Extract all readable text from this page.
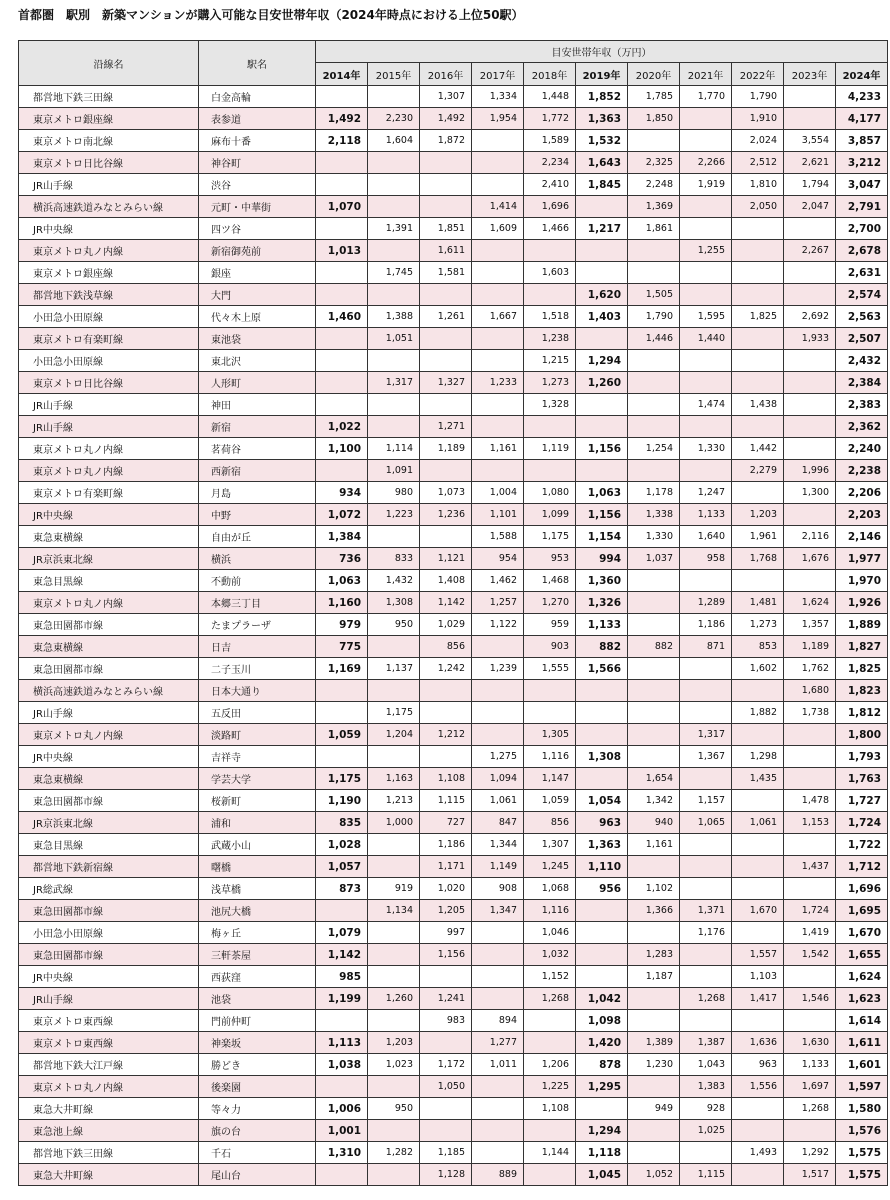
首都圏　駅別　新築マンションが購入可能な目安世帯年収（2024年時点における上位50駅）
沿線名	駅名	目安世帯年収（万円）										
		2014年	2015年	2016年	2017年	2018年	2019年	2020年	2021年	2022年	2023年	2024年
都営地下鉄三田線	白金高輪			1,307	1,334	1,448	1,852	1,785	1,770	1,790		4,233
東京メトロ銀座線	表参道	1,492	2,230	1,492	1,954	1,772	1,363	1,850		1,910		4,177
東京メトロ南北線	麻布十番	2,118	1,604	1,872		1,589	1,532			2,024	3,554	3,857
東京メトロ日比谷線	神谷町					2,234	1,643	2,325	2,266	2,512	2,621	3,212
JR山手線	渋谷					2,410	1,845	2,248	1,919	1,810	1,794	3,047
横浜高速鉄道みなとみらい線	元町・中華街	1,070			1,414	1,696		1,369		2,050	2,047	2,791
JR中央線	四ツ谷		1,391	1,851	1,609	1,466	1,217	1,861				2,700
東京メトロ丸ノ内線	新宿御苑前	1,013		1,611					1,255		2,267	2,678
東京メトロ銀座線	銀座		1,745	1,581		1,603						2,631
都営地下鉄浅草線	大門						1,620	1,505				2,574
小田急小田原線	代々木上原	1,460	1,388	1,261	1,667	1,518	1,403	1,790	1,595	1,825	2,692	2,563
東京メトロ有楽町線	東池袋		1,051			1,238		1,446	1,440		1,933	2,507
小田急小田原線	東北沢					1,215	1,294					2,432
東京メトロ日比谷線	人形町		1,317	1,327	1,233	1,273	1,260					2,384
JR山手線	神田					1,328			1,474	1,438		2,383
JR山手線	新宿	1,022		1,271								2,362
東京メトロ丸ノ内線	茗荷谷	1,100	1,114	1,189	1,161	1,119	1,156	1,254	1,330	1,442		2,240
東京メトロ丸ノ内線	西新宿		1,091							2,279	1,996	2,238
東京メトロ有楽町線	月島	934	980	1,073	1,004	1,080	1,063	1,178	1,247		1,300	2,206
JR中央線	中野	1,072	1,223	1,236	1,101	1,099	1,156	1,338	1,133	1,203		2,203
東急東横線	自由が丘	1,384			1,588	1,175	1,154	1,330	1,640	1,961	2,116	2,146
JR京浜東北線	横浜	736	833	1,121	954	953	994	1,037	958	1,768	1,676	1,977
東急目黒線	不動前	1,063	1,432	1,408	1,462	1,468	1,360					1,970
東京メトロ丸ノ内線	本郷三丁目	1,160	1,308	1,142	1,257	1,270	1,326		1,289	1,481	1,624	1,926
東急田園都市線	たまプラーザ	979	950	1,029	1,122	959	1,133		1,186	1,273	1,357	1,889
東急東横線	日吉	775		856		903	882	882	871	853	1,189	1,827
東急田園都市線	二子玉川	1,169	1,137	1,242	1,239	1,555	1,566			1,602	1,762	1,825
横浜高速鉄道みなとみらい線	日本大通り										1,680	1,823
JR山手線	五反田		1,175							1,882	1,738	1,812
東京メトロ丸ノ内線	淡路町	1,059	1,204	1,212		1,305			1,317			1,800
JR中央線	吉祥寺				1,275	1,116	1,308		1,367	1,298		1,793
東急東横線	学芸大学	1,175	1,163	1,108	1,094	1,147		1,654		1,435		1,763
東急田園都市線	桜新町	1,190	1,213	1,115	1,061	1,059	1,054	1,342	1,157		1,478	1,727
JR京浜東北線	浦和	835	1,000	727	847	856	963	940	1,065	1,061	1,153	1,724
東急目黒線	武蔵小山	1,028		1,186	1,344	1,307	1,363	1,161				1,722
都営地下鉄新宿線	曙橋	1,057		1,171	1,149	1,245	1,110				1,437	1,712
JR総武線	浅草橋	873	919	1,020	908	1,068	956	1,102				1,696
東急田園都市線	池尻大橋		1,134	1,205	1,347	1,116		1,366	1,371	1,670	1,724	1,695
小田急小田原線	梅ヶ丘	1,079		997		1,046			1,176		1,419	1,670
東急田園都市線	三軒茶屋	1,142		1,156		1,032		1,283		1,557	1,542	1,655
JR中央線	西荻窪	985				1,152		1,187		1,103		1,624
JR山手線	池袋	1,199	1,260	1,241		1,268	1,042		1,268	1,417	1,546	1,623
東京メトロ東西線	門前仲町			983	894		1,098					1,614
東京メトロ東西線	神楽坂	1,113	1,203		1,277		1,420	1,389	1,387	1,636	1,630	1,611
都営地下鉄大江戸線	勝どき	1,038	1,023	1,172	1,011	1,206	878	1,230	1,043	963	1,133	1,601
東京メトロ丸ノ内線	後楽園			1,050		1,225	1,295		1,383	1,556	1,697	1,597
東急大井町線	等々力	1,006	950			1,108		949	928		1,268	1,580
東急池上線	旗の台	1,001					1,294		1,025			1,576
都営地下鉄三田線	千石	1,310	1,282	1,185		1,144	1,118			1,493	1,292	1,575
東急大井町線	尾山台			1,128	889		1,045	1,052	1,115		1,517	1,575
